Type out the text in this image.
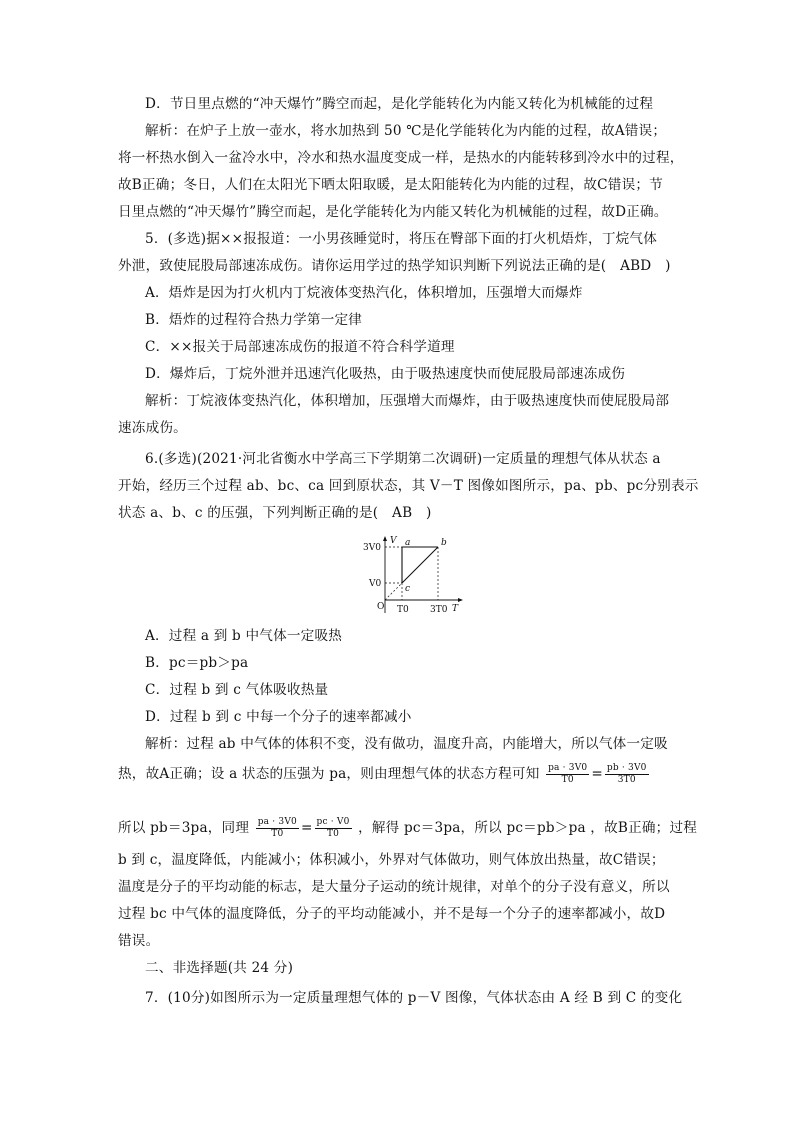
D．节日里点燃的“冲天爆竹”腾空而起，是化学能转化为内能又转化为机械能的过程
解析：在炉子上放一壶水，将水加热到 50 ℃是化学能转化为内能的过程，故A错误；
将一杯热水倒入一盆冷水中，冷水和热水温度变成一样，是热水的内能转移到冷水中的过程，
故B正确；冬日，人们在太阳光下晒太阳取暖，是太阳能转化为内能的过程，故C错误；节
日里点燃的“冲天爆竹”腾空而起，是化学能转化为内能又转化为机械能的过程，故D正确。
5．(多选)据××报报道：一小男孩睡觉时，将压在臀部下面的打火机焐炸，丁烷气体
外泄，致使屁股局部速冻成伤。请你运用学过的热学知识判断下列说法正确的是(　ABD　)
A．焐炸是因为打火机内丁烷液体变热汽化，体积增加，压强增大而爆炸
B．焐炸的过程符合热力学第一定律
C．××报关于局部速冻成伤的报道不符合科学道理
D．爆炸后，丁烷外泄并迅速汽化吸热，由于吸热速度快而使屁股局部速冻成伤
解析：丁烷液体变热汽化，体积增加，压强增大而爆炸，由于吸热速度快而使屁股局部
速冻成伤。
6.(多选)(2021·河北省衡水中学高三下学期第二次调研)一定质量的理想气体从状态 a
开始，经历三个过程 ab、bc、ca 回到原状态，其 V－T 图像如图所示，pa、pb、pc分别表示
状态 a、b、c 的压强，下列判断正确的是(　AB　)
V
T
3V0
V0
T0 3T0
O
a	b
c
A．过程 a 到 b 中气体一定吸热
B．pc＝pb＞pa
C．过程 b 到 c 气体吸收热量
D．过程 b 到 c 中每一个分子的速率都减小
解析：过程 ab 中气体的体积不变，没有做功，温度升高，内能增大，所以气体一定吸
热，故A正确；设 a 状态的压强为 pa，则由理想气体的状态方程可知 $\frac{pa \cdot 3V0}{T0} = \frac{pb \cdot 3V0}{3T0}$
所以 pb＝3pa，同理 $\frac{pa \cdot 3V0}{T0} = \frac{pc \cdot V0}{T0}$ ，解得 pc＝3pa，所以 pc＝pb＞pa ，故B正确；过程
b 到 c，温度降低，内能减小；体积减小，外界对气体做功，则气体放出热量，故C错误；
温度是分子的平均动能的标志，是大量分子运动的统计规律，对单个的分子没有意义，所以
过程 bc 中气体的温度降低，分子的平均动能减小，并不是每一个分子的速率都减小，故D
错误。
二、非选择题(共 24 分)
7．(10分)如图所示为一定质量理想气体的 p－V 图像，气体状态由 A 经 B 到 C 的变化
